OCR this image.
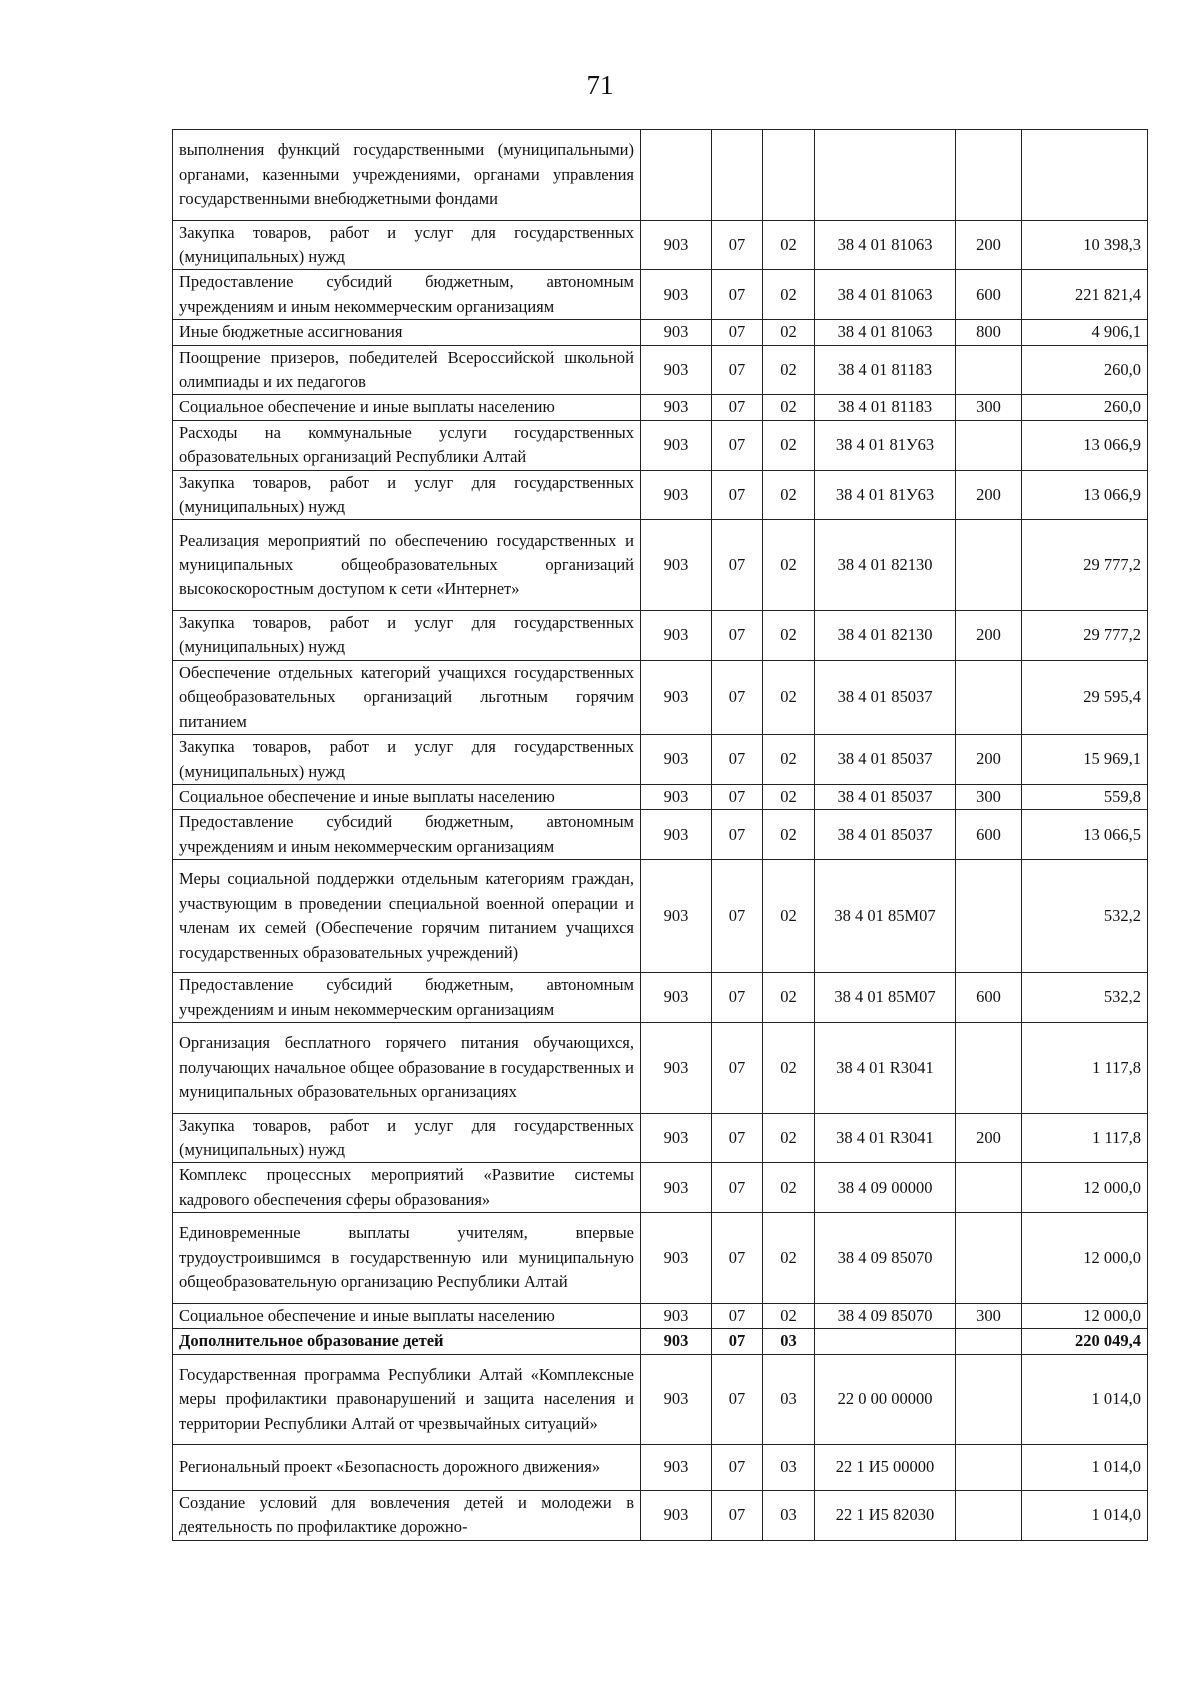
71
выполнения функций государственными (муниципальными) органами, казенными учреждениями, органами управления государственными внебюджетными фондами						
Закупка товаров, работ и услуг для государственных (муниципальных) нужд	903	07	02	38 4 01 81063	200	10 398,3
Предоставление субсидий бюджетным, автономным учреждениям и иным некоммерческим организациям	903	07	02	38 4 01 81063	600	221 821,4
Иные бюджетные ассигнования	903	07	02	38 4 01 81063	800	4 906,1
Поощрение призеров, победителей Всероссийской школьной олимпиады и их педагогов	903	07	02	38 4 01 81183		260,0
Социальное обеспечение и иные выплаты населению	903	07	02	38 4 01 81183	300	260,0
Расходы на коммунальные услуги государственных образовательных организаций Республики Алтай	903	07	02	38 4 01 81У63		13 066,9
Закупка товаров, работ и услуг для государственных (муниципальных) нужд	903	07	02	38 4 01 81У63	200	13 066,9
Реализация мероприятий по обеспечению государственных и муниципальных общеобразовательных организаций высокоскоростным доступом к сети «Интернет»	903	07	02	38 4 01 82130		29 777,2
Закупка товаров, работ и услуг для государственных (муниципальных) нужд	903	07	02	38 4 01 82130	200	29 777,2
Обеспечение отдельных категорий учащихся государственных общеобразовательных организаций льготным горячим питанием	903	07	02	38 4 01 85037		29 595,4
Закупка товаров, работ и услуг для государственных (муниципальных) нужд	903	07	02	38 4 01 85037	200	15 969,1
Социальное обеспечение и иные выплаты населению	903	07	02	38 4 01 85037	300	559,8
Предоставление субсидий бюджетным, автономным учреждениям и иным некоммерческим организациям	903	07	02	38 4 01 85037	600	13 066,5
Меры социальной поддержки отдельным категориям граждан, участвующим в проведении специальной военной операции и членам их семей (Обеспечение горячим питанием учащихся государственных образовательных учреждений)	903	07	02	38 4 01 85М07		532,2
Предоставление субсидий бюджетным, автономным учреждениям и иным некоммерческим организациям	903	07	02	38 4 01 85М07	600	532,2
Организация бесплатного горячего питания обучающихся, получающих начальное общее образование в государственных и муниципальных образовательных организациях	903	07	02	38 4 01 R3041		1 117,8
Закупка товаров, работ и услуг для государственных (муниципальных) нужд	903	07	02	38 4 01 R3041	200	1 117,8
Комплекс процессных мероприятий «Развитие системы кадрового обеспечения сферы образования»	903	07	02	38 4 09 00000		12 000,0
Единовременные выплаты учителям, впервые трудоустроившимся в государственную или муниципальную общеобразовательную организацию Республики Алтай	903	07	02	38 4 09 85070		12 000,0
Социальное обеспечение и иные выплаты населению	903	07	02	38 4 09 85070	300	12 000,0
Дополнительное образование детей	903	07	03			220 049,4
Государственная программа Республики Алтай «Комплексные меры профилактики правонарушений и защита населения и территории Республики Алтай от чрезвычайных ситуаций»	903	07	03	22 0 00 00000		1 014,0
Региональный проект «Безопасность дорожного движения»	903	07	03	22 1 И5 00000		1 014,0
Создание условий для вовлечения детей и молодежи в деятельность по профилактике дорожно-	903	07	03	22 1 И5 82030		1 014,0
